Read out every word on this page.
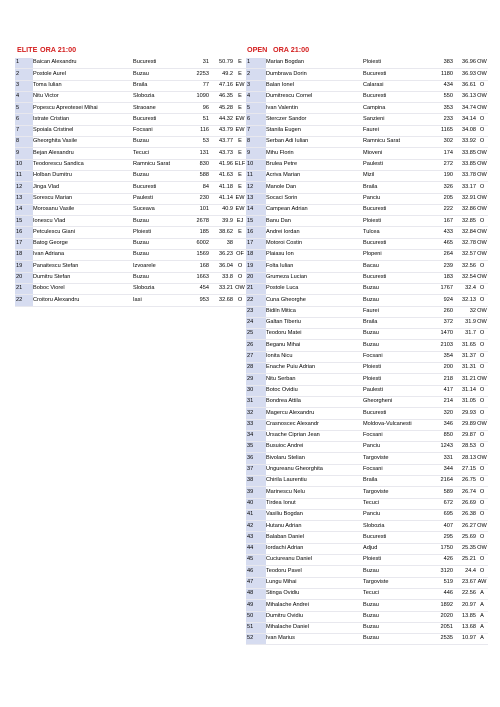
ELITE ORA 21:00	OPEN ORA 21:00
1	Baican Alexandru	Bucuresti	31	50.79	E
2	Postole Aurel	Buzau	2253	49.2	E
3	Toma Iulian	Braila	77	47.16	EW
4	Nitu Victor	Slobozia	1090	46.35	E
5	Popescu Apreotesei Mihai	Straoane	96	45.28	E
6	Istrate Cristian	Bucuresti	51	44.32	EW
7	Spoiala Cristinel	Focsani	116	43.79	EW
8	Gheorghita Vasile	Buzau	53	43.77	E
9	Bejan Alexandru	Tecuci	131	43.73	E
10	Teodorescu Sandica	Ramnicu Sarat	830	41.96	ELF
11	Holban Dumitru	Buzau	588	41.63	E
12	Jinga Vlad	Bucuresti	84	41.18	E
13	Sorescu Marian	Paulesti	230	41.14	EW
14	Morosanu Vasile	Suceava	101	40.9	EW
15	Ionescu Vlad	Buzau	2678	39.9	EJ
16	Petculescu Giani	Ploiesti	185	38.62	E
17	Batog George	Buzau	6002	38	
18	Ivan Adriana	Buzau	1569	36.23	OF
19	Panaitescu Stefan	Izvoarele	168	36.04	O
20	Dumitru Stefan	Buzau	1663	33.8	O
21	Boboc Viorel	Slobozia	454	33.21	OW
22	Croitoru Alexandru	Iasi	953	32.68	O
1	Marian Bogdan	Ploiesti	383	36.96	OW
2	Dumbrava Dorin	Bucuresti	1180	36.93	OW
3	Balan Ionel	Calarasi	434	36.61	O
4	Dumitrescu Cornel	Bucuresti	550	36.13	OW
5	Ivan Valentin	Campina	353	34.74	OW
6	Sterczer Sandor	Sanzieni	233	34.14	O
7	Stanila Eugen	Faurei	1165	34.08	O
8	Serban Adi Iulian	Ramnicu Sarat	302	33.92	O
9	Mihu Florin	Mioveni	174	33.85	OW
10	Brulea Petre	Paulesti	272	33.85	OW
11	Acriva Marian	Mizil	190	33.78	OW
12	Manole Dan	Braila	326	33.17	O
13	Socaci Sorin	Panciu	205	32.91	OW
14	Campean Adrian	Bucuresti	222	32.86	OW
15	Banu Dan	Ploiesti	167	32.85	O
16	Andrei Iordan	Tulcea	433	32.84	OW
17	Motoroi Costin	Bucuresti	465	32.78	OW
18	Plaiasu Ion	Plopeni	264	32.57	OW
19	Folta Iulian	Bacau	239	32.56	O
20	Grumeza Lucian	Bucuresti	183	32.54	OW
21	Postole Luca	Buzau	1767	32.4	O
22	Cuna Gheorghe	Buzau	924	32.13	O
23	Bidiln Mitica	Faurei	260	32	OW
24	Galtan Tiberiu	Braila	372	31.9	OW
25	Teodoru Matei	Buzau	1470	31.7	O
26	Beganu Mihai	Buzau	2103	31.65	O
27	Ionita Nicu	Focsani	354	31.37	O
28	Enache Puiu Adrian	Ploiesti	200	31.31	O
29	Nitu Serban	Ploiesti	218	31.21	OW
30	Botoc Ovidiu	Paulesti	417	31.14	O
31	Bondrea Attila	Gheorgheni	214	31.05	O
32	Magercu Alexandru	Bucuresti	320	29.93	O
33	Crasnoscec Alexandr	Moldova-Vulcanesti	346	29.89	OW
34	Ursache Ciprian Jean	Focsani	850	29.87	O
35	Busuioc Andrei	Panciu	1243	28.53	O
36	Bivolaru Stelian	Targoviste	331	28.13	OW
37	Ungureanu Gheorghita	Focsani	344	27.15	O
38	Chirila Laurentiu	Braila	2164	26.75	O
39	Marinescu Nelu	Targoviste	589	26.74	O
40	Tirdea Ionut	Tecuci	672	26.69	O
41	Vasiliu Bogdan	Panciu	695	26.38	O
42	Hutanu Adrian	Slobozia	407	26.27	OW
43	Balaban Daniel	Bucuresti	295	25.69	O
44	Iordachi Adrian	Adjud	1750	25.35	OW
45	Cuciureanu Daniel	Ploiesti	426	25.21	O
46	Teodoru Pavel	Buzau	3120	24.4	O
47	Lungu Mihai	Targoviste	519	23.67	AW
48	Stinga Ovidiu	Tecuci	446	22.56	A
49	Mihalache Andrei	Buzau	1892	20.97	A
50	Dumitru Ovidiu	Buzau	2020	13.85	A
51	Mihalache Daniel	Buzau	2051	13.68	A
52	Ivan Marius	Buzau	2535	10.97	A
